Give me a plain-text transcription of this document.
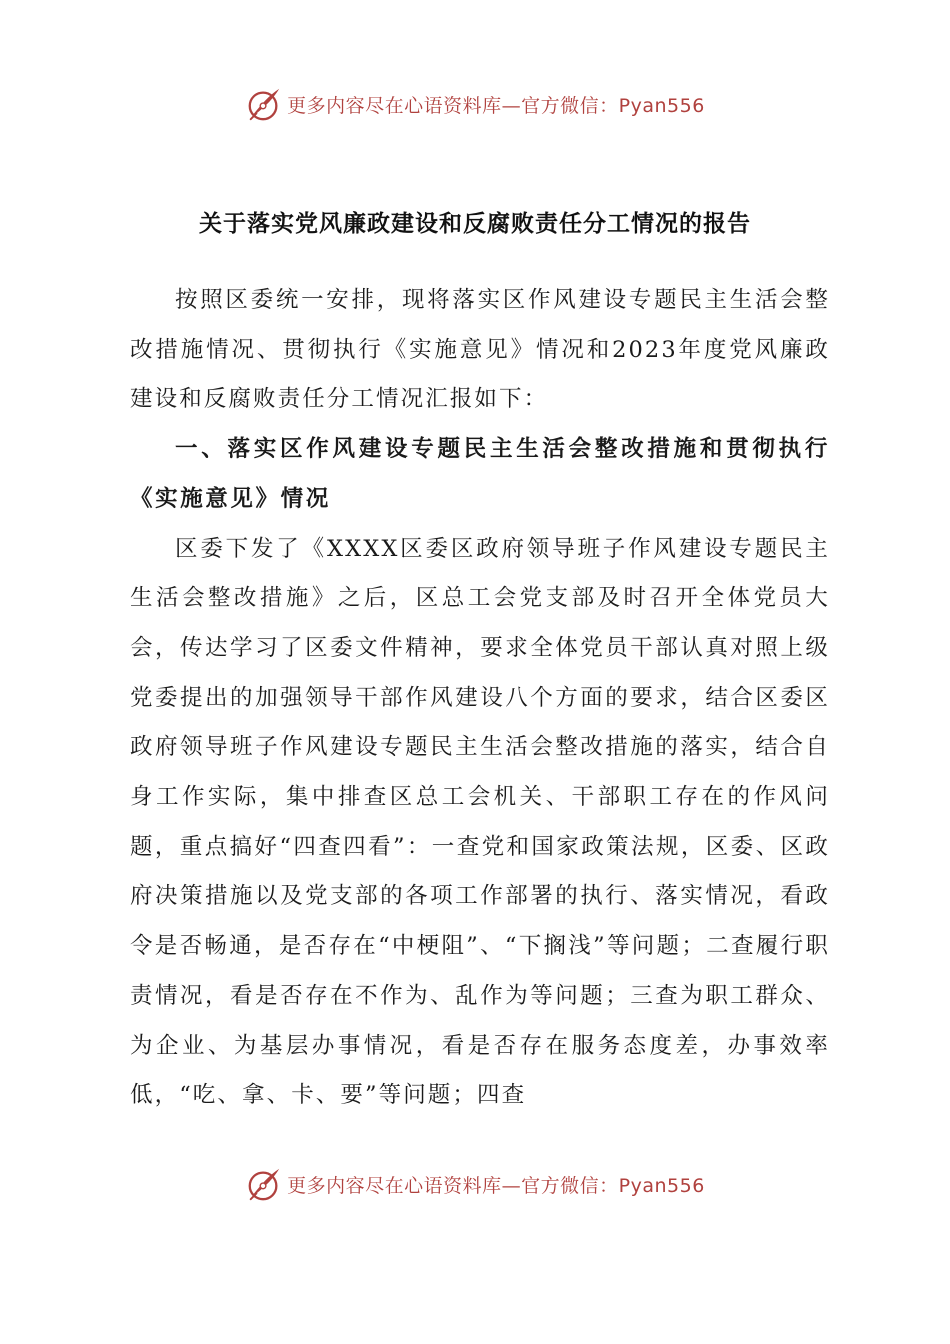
更多内容尽在心语资料库—官方微信：Pyan556
关于落实党风廉政建设和反腐败责任分工情况的报告

按照区委统一安排，现将落实区作风建设专题民主生活会整改措施情况、贯彻执行《实施意见》情况和2023年度党风廉政建设和反腐败责任分工情况汇报如下：

一、落实区作风建设专题民主生活会整改措施和贯彻执行《实施意见》情况

区委下发了《XXXX区委区政府领导班子作风建设专题民主生活会整改措施》之后，区总工会党支部及时召开全体党员大会，传达学习了区委文件精神，要求全体党员干部认真对照上级党委提出的加强领导干部作风建设八个方面的要求，结合区委区政府领导班子作风建设专题民主生活会整改措施的落实，结合自身工作实际，集中排查区总工会机关、干部职工存在的作风问题，重点搞好“四查四看”：一查党和国家政策法规，区委、区政府决策措施以及党支部的各项工作部署的执行、落实情况，看政令是否畅通，是否存在“中梗阻”、“下搁浅”等问题；二查履行职责情况，看是否存在不作为、乱作为等问题；三查为职工群众、为企业、为基层办事情况，看是否存在服务态度差，办事效率低，“吃、拿、卡、要”等问题；四查

更多内容尽在心语资料库—官方微信：Pyan556
